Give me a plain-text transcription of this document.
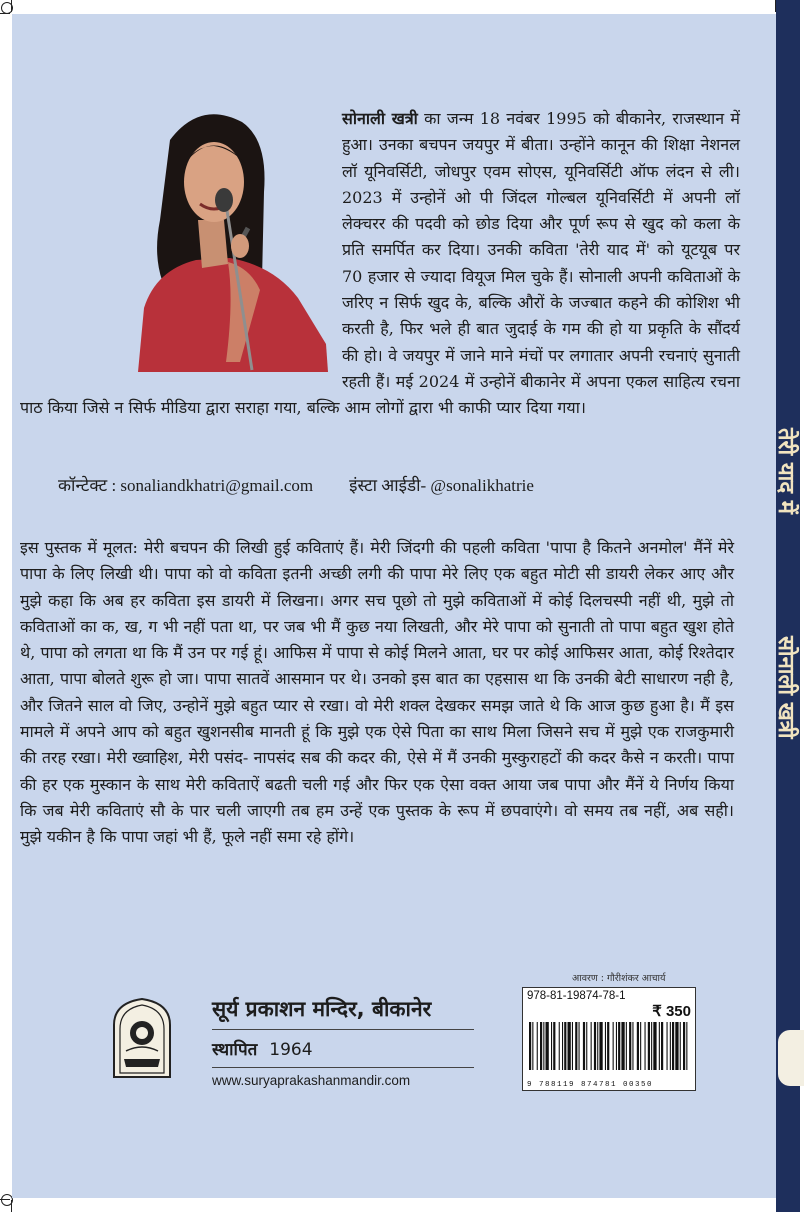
तेरी याद में
सोनाली खत्री

सोनाली खत्री का जन्म 18 नवंबर 1995 को बीकानेर, राजस्थान में हुआ। उनका बचपन जयपुर में बीता। उन्होंने कानून की शिक्षा नेशनल लॉ यूनिवर्सिटी, जोधपुर एवम सोएस, यूनिवर्सिटी ऑफ लंदन से ली। 2023 में उन्होनें ओ पी जिंदल गोल्बल यूनिवर्सिटी में अपनी लॉ लेक्चरर की पदवी को छोड दिया और पूर्ण रूप से खुद को कला के प्रति समर्पित कर दिया। उनकी कविता 'तेरी याद में' को यूटयूब पर 70 हजार से ज्यादा वियूज मिल चुके हैं। सोनाली अपनी कविताओं के जरिए न सिर्फ खुद के, बल्कि औरों के जज्बात कहने की कोशिश भी करती है, फिर भले ही बात जुदाई के गम की हो या प्रकृति के सौंदर्य की हो। वे जयपुर में जाने माने मंचों पर लगातार अपनी रचनाएं सुनाती रहती हैं। मई 2024 में उन्होनें बीकानेर में अपना एकल साहित्य रचना पाठ किया जिसे न सिर्फ मीडिया द्वारा सराहा गया, बल्कि आम लोगों द्वारा भी काफी प्यार दिया गया।

कॉन्टेक्ट : sonaliandkhatri@gmail.com इंस्टा आईडी- @sonalikhatrie
इस पुस्तक में मूलत: मेरी बचपन की लिखी हुई कविताएं हैं। मेरी जिंदगी की पहली कविता 'पापा है कितने अनमोल' मैंनें मेरे पापा के लिए लिखी थी। पापा को वो कविता इतनी अच्छी लगी की पापा मेरे लिए एक बहुत मोटी सी डायरी लेकर आए और मुझे कहा कि अब हर कविता इस डायरी में लिखना। अगर सच पूछो तो मुझे कविताओं में कोई दिलचस्पी नहीं थी, मुझे तो कविताओं का क, ख, ग भी नहीं पता था, पर जब भी मैं कुछ नया लिखती, और मेरे पापा को सुनाती तो पापा बहुत खुश होते थे, पापा को लगता था कि मैं उन पर गई हूं। आफिस में पापा से कोई मिलने आता, घर पर कोई आफिसर आता, कोई रिश्तेदार आता, पापा बोलते शुरू हो जा। पापा सातवें आसमान पर थे। उनको इस बात का एहसास था कि उनकी बेटी साधारण नही है, और जितने साल वो जिए, उन्होनें मुझे बहुत प्यार से रखा। वो मेरी शक्ल देखकर समझ जाते थे कि आज कुछ हुआ है। मैं इस मामले में अपने आप को बहुत खुशनसीब मानती हूं कि मुझे एक ऐसे पिता का साथ मिला जिसने सच में मुझे एक राजकुमारी की तरह रखा। मेरी ख्वाहिश, मेरी पसंद- नापसंद सब की कदर की, ऐसे में मैं उनकी मुस्कुराहटों की कदर कैसे न करती। पापा की हर एक मुस्कान के साथ मेरी कविताऐं बढती चली गई और फिर एक ऐसा वक्त आया जब पापा और मैंनें ये निर्णय किया कि जब मेरी कविताएं सौ के पार चली जाएगी तब हम उन्हें एक पुस्तक के रूप में छपवाएंगे। वो समय तब नहीं, अब सही। मुझे यकीन है कि पापा जहां भी हैं, फूले नहीं समा रहे होंगे।
सूर्य प्रकाशन मन्दिर, बीकानेर
स्थापित 1964
www.suryaprakashanmandir.com
आवरण : गौरीशंकर आचार्य
978-81-19874-78-1
₹ 350
9 788119 874781 00350
